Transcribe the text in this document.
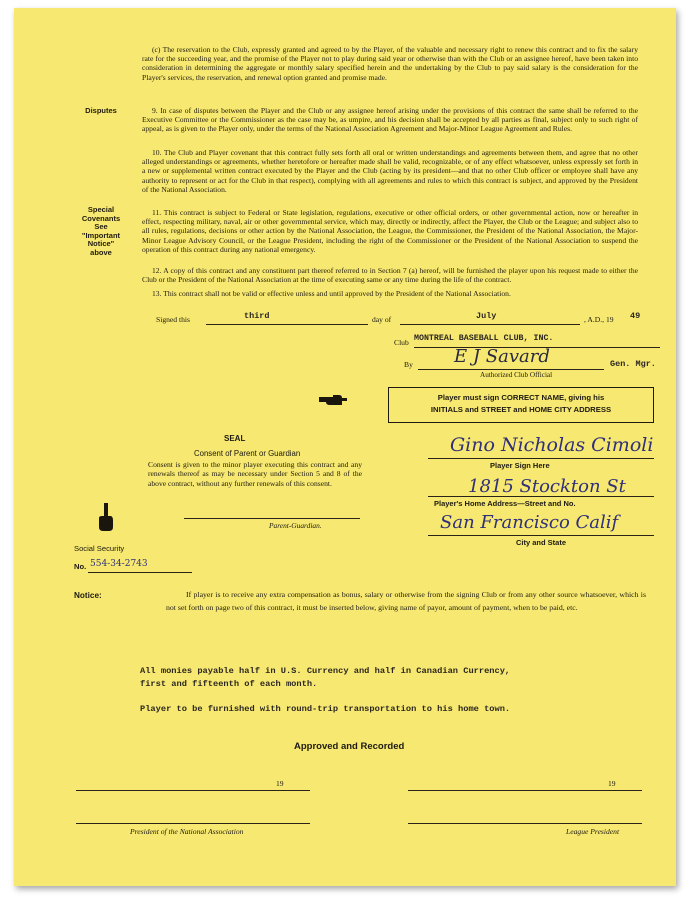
(c) The reservation to the Club, expressly granted and agreed to by the Player, of the valuable and necessary right to renew this contract and to fix the salary rate for the succeeding year, and the promise of the Player not to play during said year or otherwise than with the Club or an assignee hereof, have been taken into consideration in determining the aggregate or monthly salary specified herein and the undertaking by the Club to pay said salary is the consideration for the Player's services, the reservation, and renewal option granted and promise made.

Disputes	9. In case of disputes between the Player and the Club or any assignee hereof arising under the provisions of this contract the same shall be referred to the Executive Committee or the Commissioner as the case may be, as umpire, and his decision shall be accepted by all parties as final, subject only to such right of appeal, as is given to the Player only, under the terms of the National Association Agreement and Major-Minor League Agreement and Rules.

10. The Club and Player covenant that this contract fully sets forth all oral or written understandings and agreements between them, and agree that no other alleged understandings or agreements, whether heretofore or hereafter made shall be valid, recognizable, or of any effect whatsoever, unless expressly set forth in a new or supplemental written contract executed by the Player and the Club (acting by its president—and that no other Club officer or employee shall have any authority to represent or act for the Club in that respect), complying with all agreements and rules to which this contract is subject, and approved by the President of the National Association.

Special
Covenants
See
"Important
Notice"
above

11. This contract is subject to Federal or State legislation, regulations, executive or other official orders, or other governmental action, now or hereafter in effect, respecting military, naval, air or other governmental service, which may, directly or indirectly, affect the Player, the Club or the League; and subject also to all rules, regulations, decisions or other action by the National Association, the League, the Commissioner, the President of the National Association, the Major-Minor League Advisory Council, or the League President, including the right of the Commissioner or the President of the National Association to suspend the operation of this contract during any national emergency.

12. A copy of this contract and any constituent part thereof referred to in Section 7 (a) hereof, will be furnished the player upon his request made to either the Club or the President of the National Association at the time of executing same or any time during the life of the contract.

13. This contract shall not be valid or effective unless and until approved by the President of the National Association.

Signed this	third	day of	July	, A.D., 19 49
Club MONTREAL BASEBALL CLUB, INC.
By E J Savard	Gen. Mgr.
Authorized Club Official
Player must sign CORRECT NAME, giving his
INITIALS and STREET and HOME CITY ADDRESS
SEAL
Consent of Parent or Guardian
Consent is given to the minor player executing this contract and any renewals thereof as may be necessary under Section 5 and 8 of the above contract, without any further renewals of this consent.
Parent-Guardian.
Gino Nicholas Cimoli
Player Sign Here
1815 Stockton St
Player's Home Address—Street and No.
San Francisco Calif
City and State
Social Security
No. 554-34-2743
Notice:	If player is to receive any extra compensation as bonus, salary or otherwise from the signing Club or from any other source whatsoever, which is not set forth on page two of this contract, it must be inserted below, giving name of payor, amount of payment, when to be paid, etc.
All monies payable half in U.S. Currency and half in Canadian Currency,
first and fifteenth of each month.
Player to be furnished with round-trip transportation to his home town.
Approved and Recorded
19	19
President of the National Association	League President
